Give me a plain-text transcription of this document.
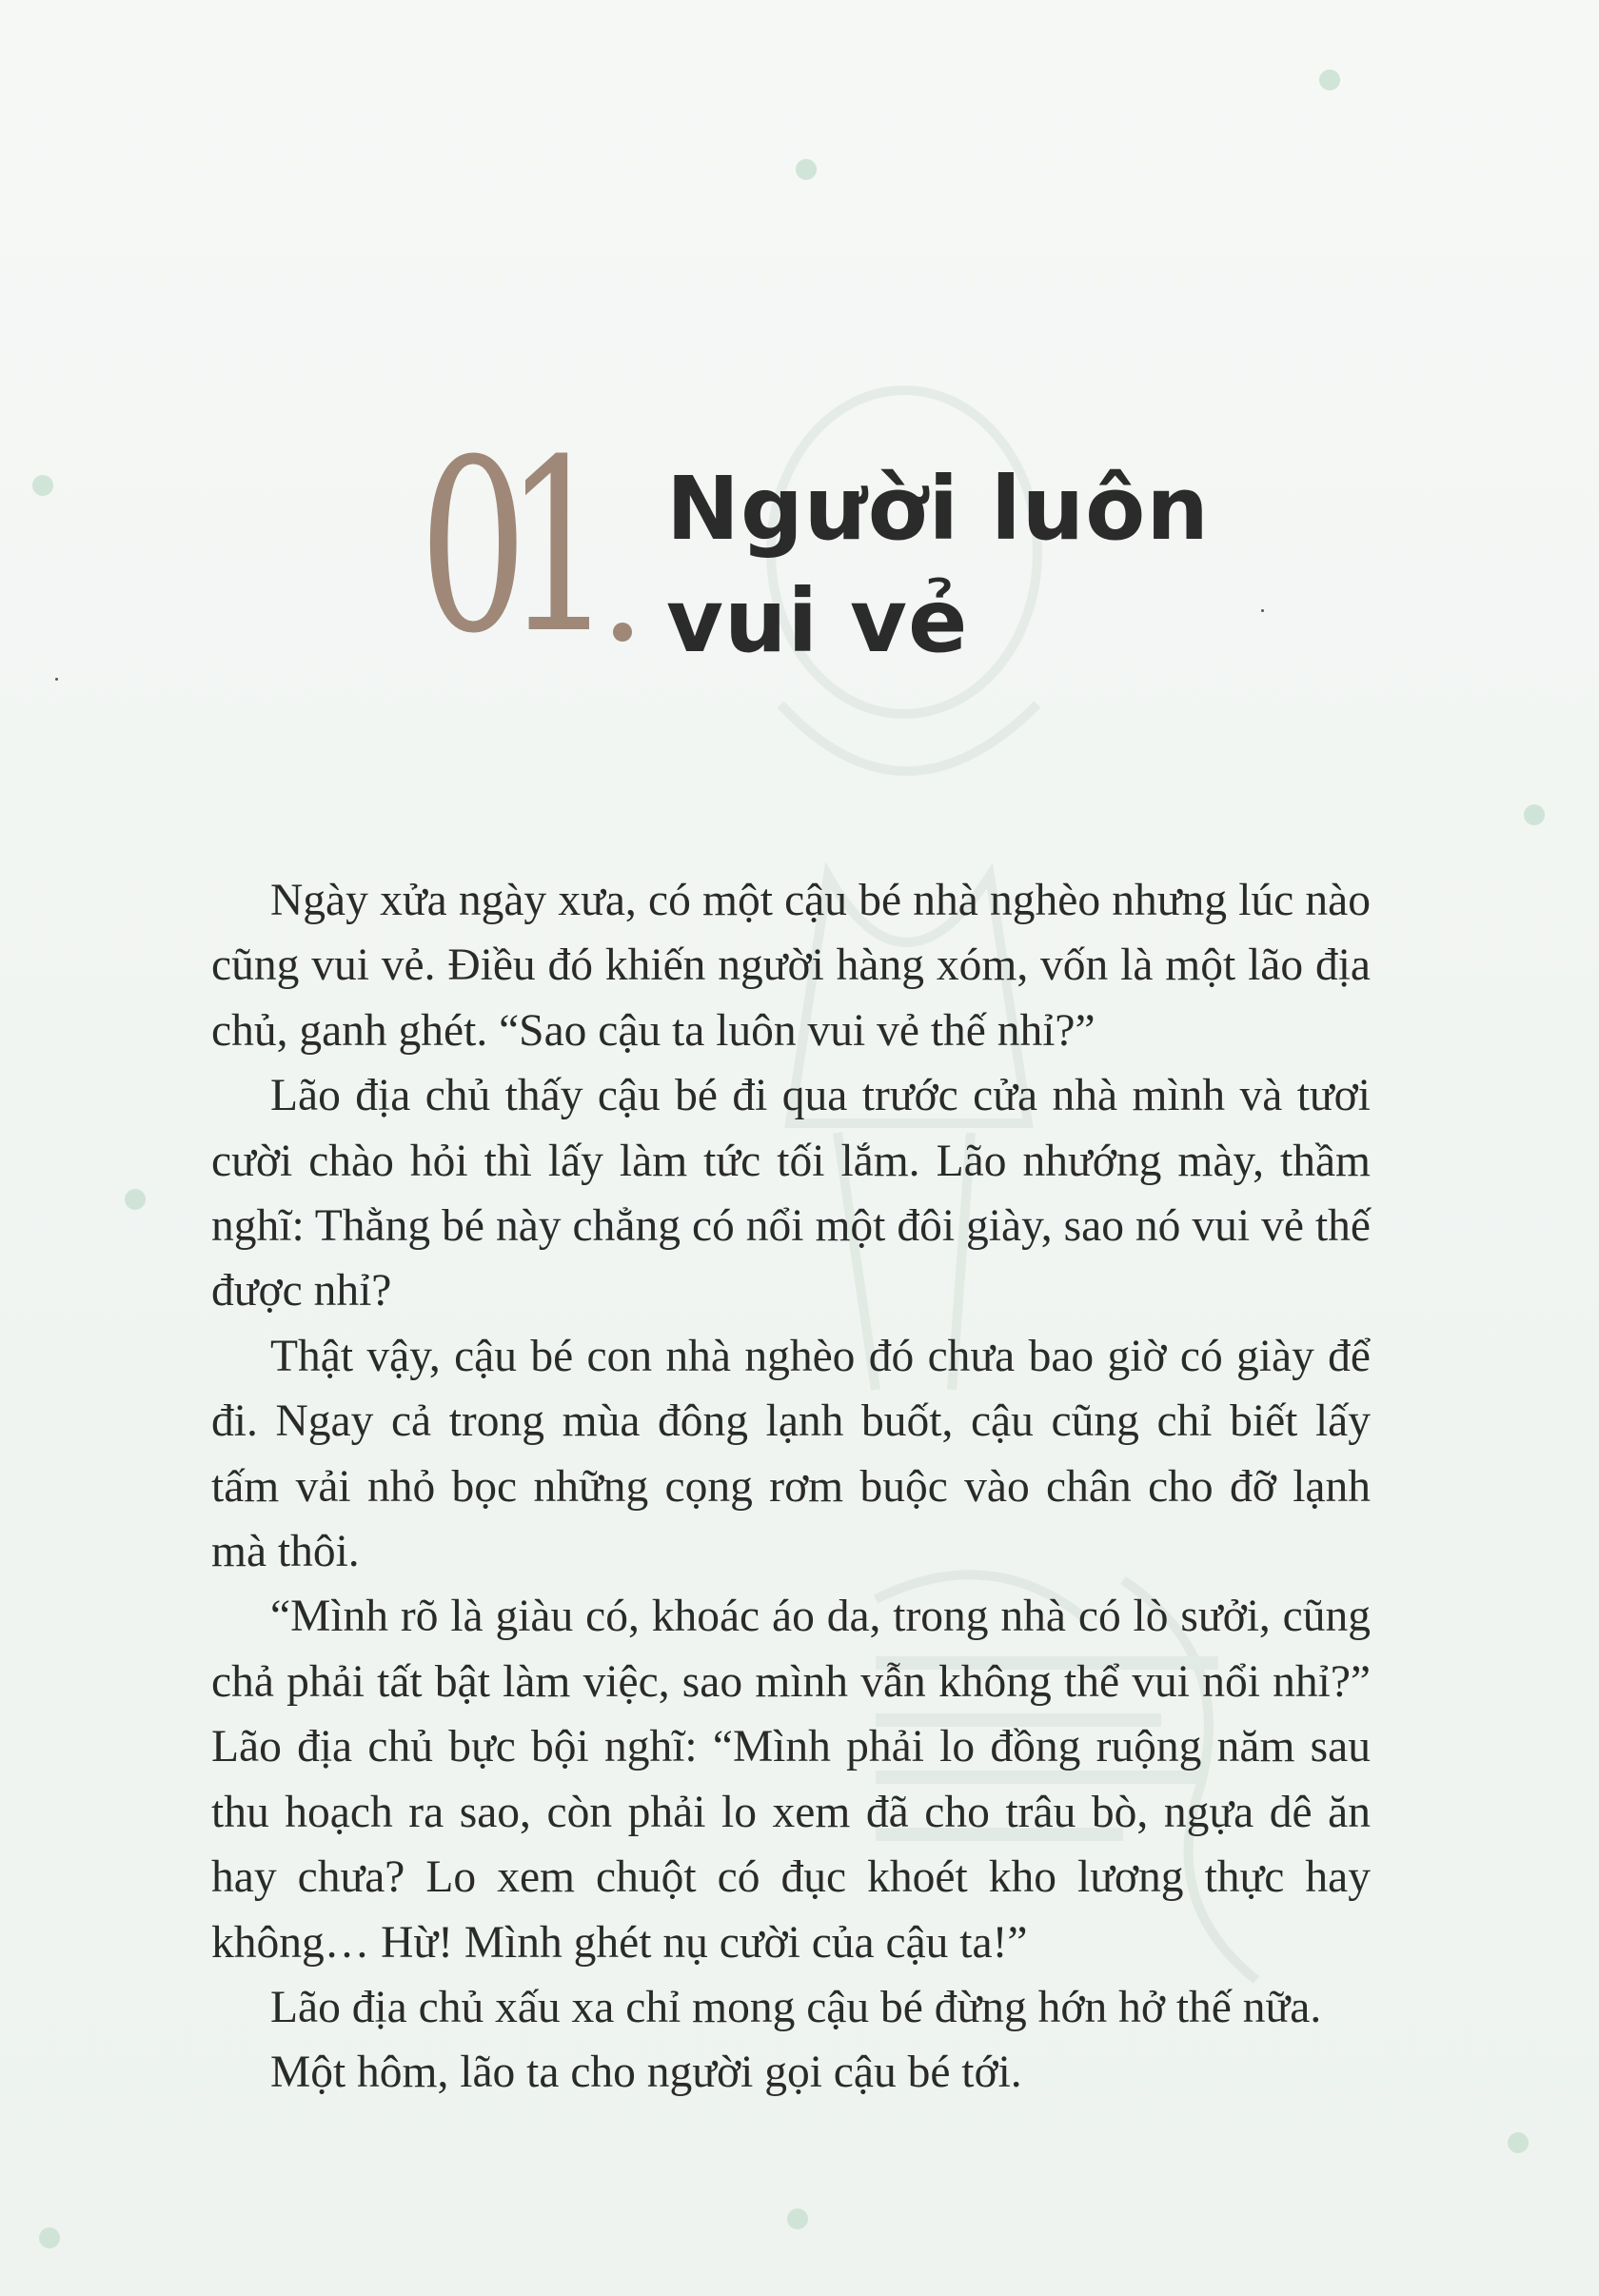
01 Người luôn
vui vẻ

Ngày xửa ngày xưa, có một cậu bé nhà nghèo nhưng lúc nào cũng vui vẻ. Điều đó khiến người hàng xóm, vốn là một lão địa chủ, ganh ghét. “Sao cậu ta luôn vui vẻ thế nhỉ?”

Lão địa chủ thấy cậu bé đi qua trước cửa nhà mình và tươi cười chào hỏi thì lấy làm tức tối lắm. Lão nhướng mày, thầm nghĩ: Thằng bé này chẳng có nổi một đôi giày, sao nó vui vẻ thế được nhỉ?

Thật vậy, cậu bé con nhà nghèo đó chưa bao giờ có giày để đi. Ngay cả trong mùa đông lạnh buốt, cậu cũng chỉ biết lấy tấm vải nhỏ bọc những cọng rơm buộc vào chân cho đỡ lạnh mà thôi.

“Mình rõ là giàu có, khoác áo da, trong nhà có lò sưởi, cũng chả phải tất bật làm việc, sao mình vẫn không thể vui nổi nhỉ?” Lão địa chủ bực bội nghĩ: “Mình phải lo đồng ruộng năm sau thu hoạch ra sao, còn phải lo xem đã cho trâu bò, ngựa dê ăn hay chưa? Lo xem chuột có đục khoét kho lương thực hay không… Hừ! Mình ghét nụ cười của cậu ta!”

Lão địa chủ xấu xa chỉ mong cậu bé đừng hớn hở thế nữa.

Một hôm, lão ta cho người gọi cậu bé tới.
